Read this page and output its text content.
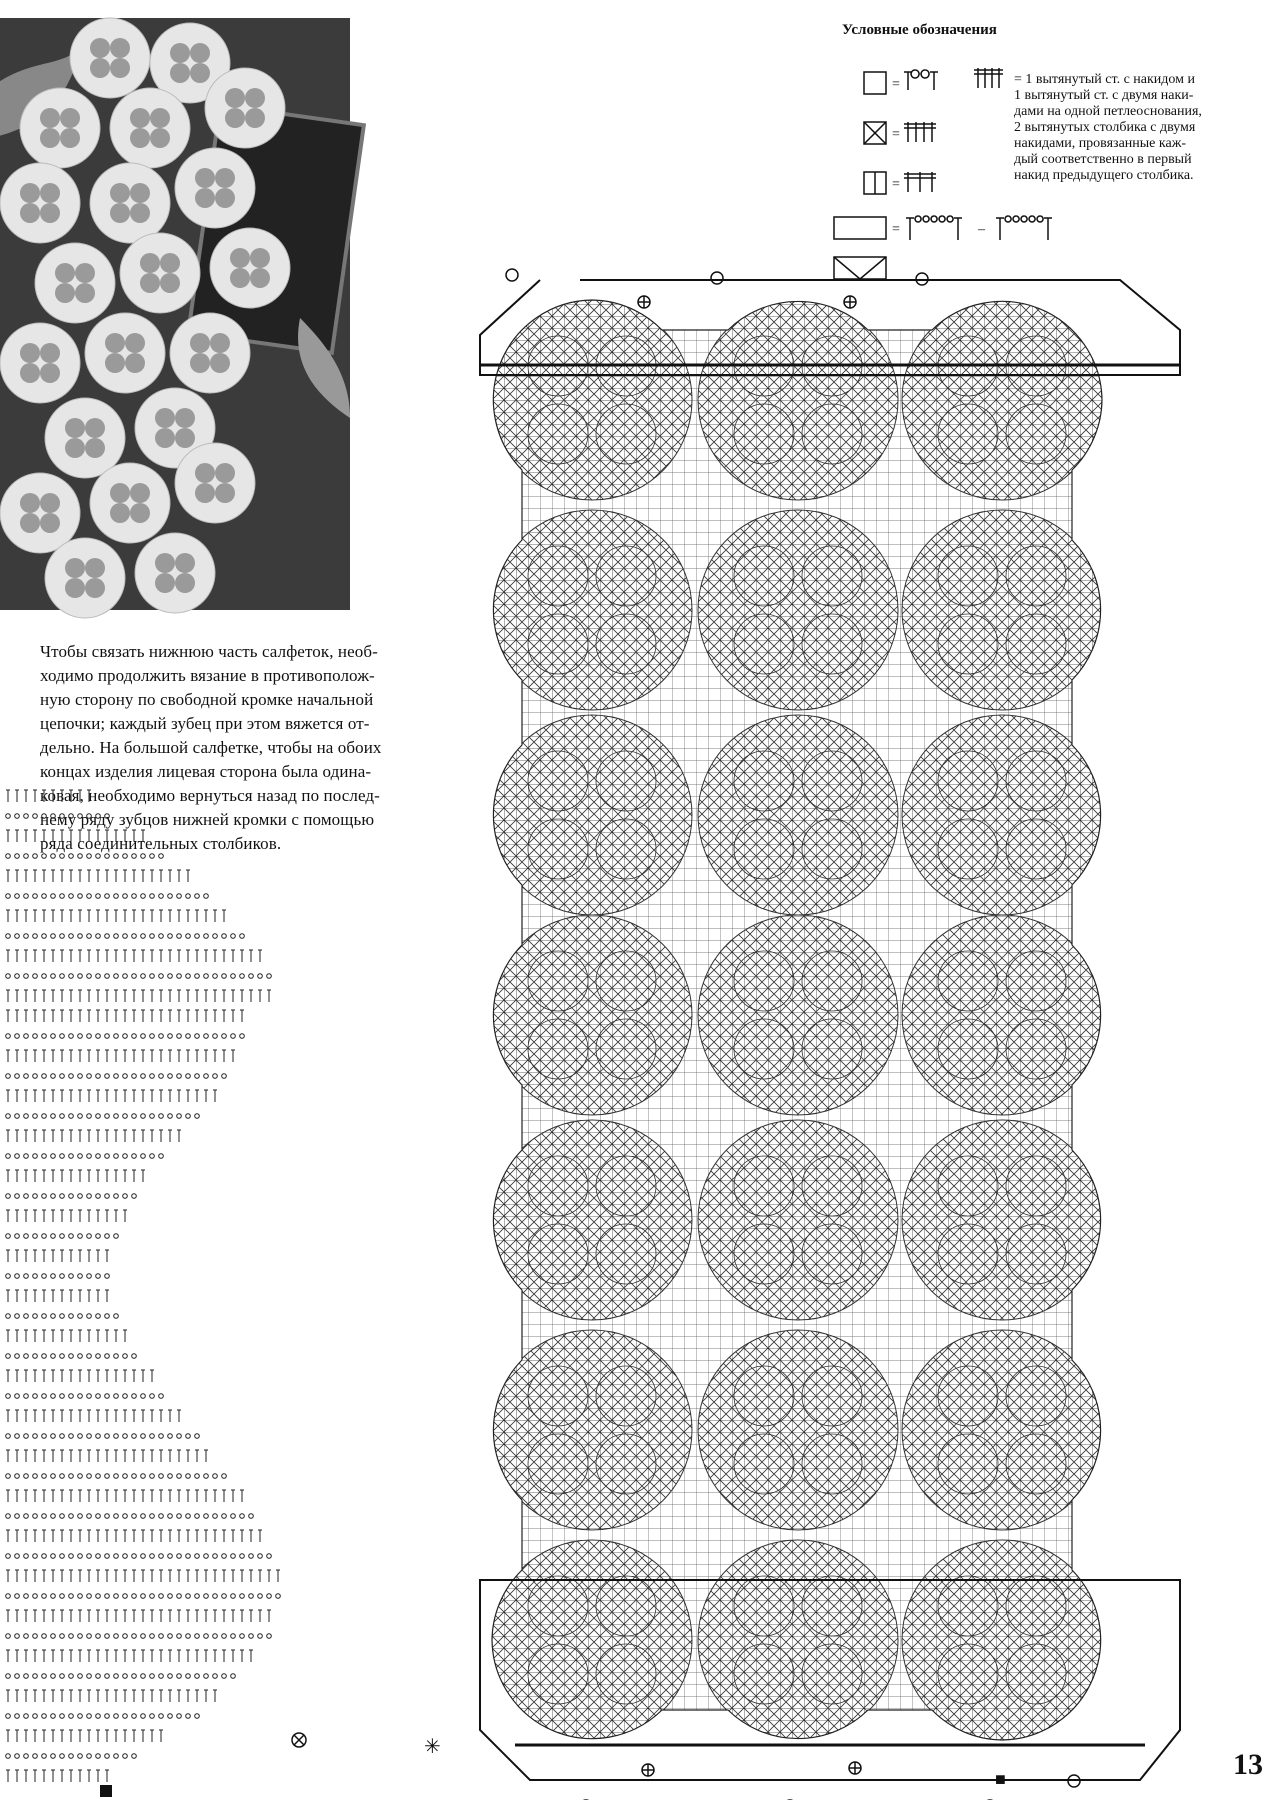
Чтобы связать нижнюю часть салфеток, необ-

ходимо продолжить вязание в противополож-

ную сторону по свободной кромке начальной

цепочки; каждый зубец при этом вяжется от-

дельно. На большой салфетке, чтобы на обоих

концах изделия лицевая сторона была одина-

ковая, необходимо вернуться назад по послед-

нему ряду зубцов нижней кромки с помощью

ряда соединительных столбиков.

Условные обозначения
=
=
=
=	–
= 1 вытянутый ст. с накидом и
1 вытянутый ст. с двумя наки-
дами на одной петлеоснования,
2 вытянутых столбика с двумя
накидами, провязанные каж-
дый соответственно в первый
накид предыдущего столбика.
✳
■	13
